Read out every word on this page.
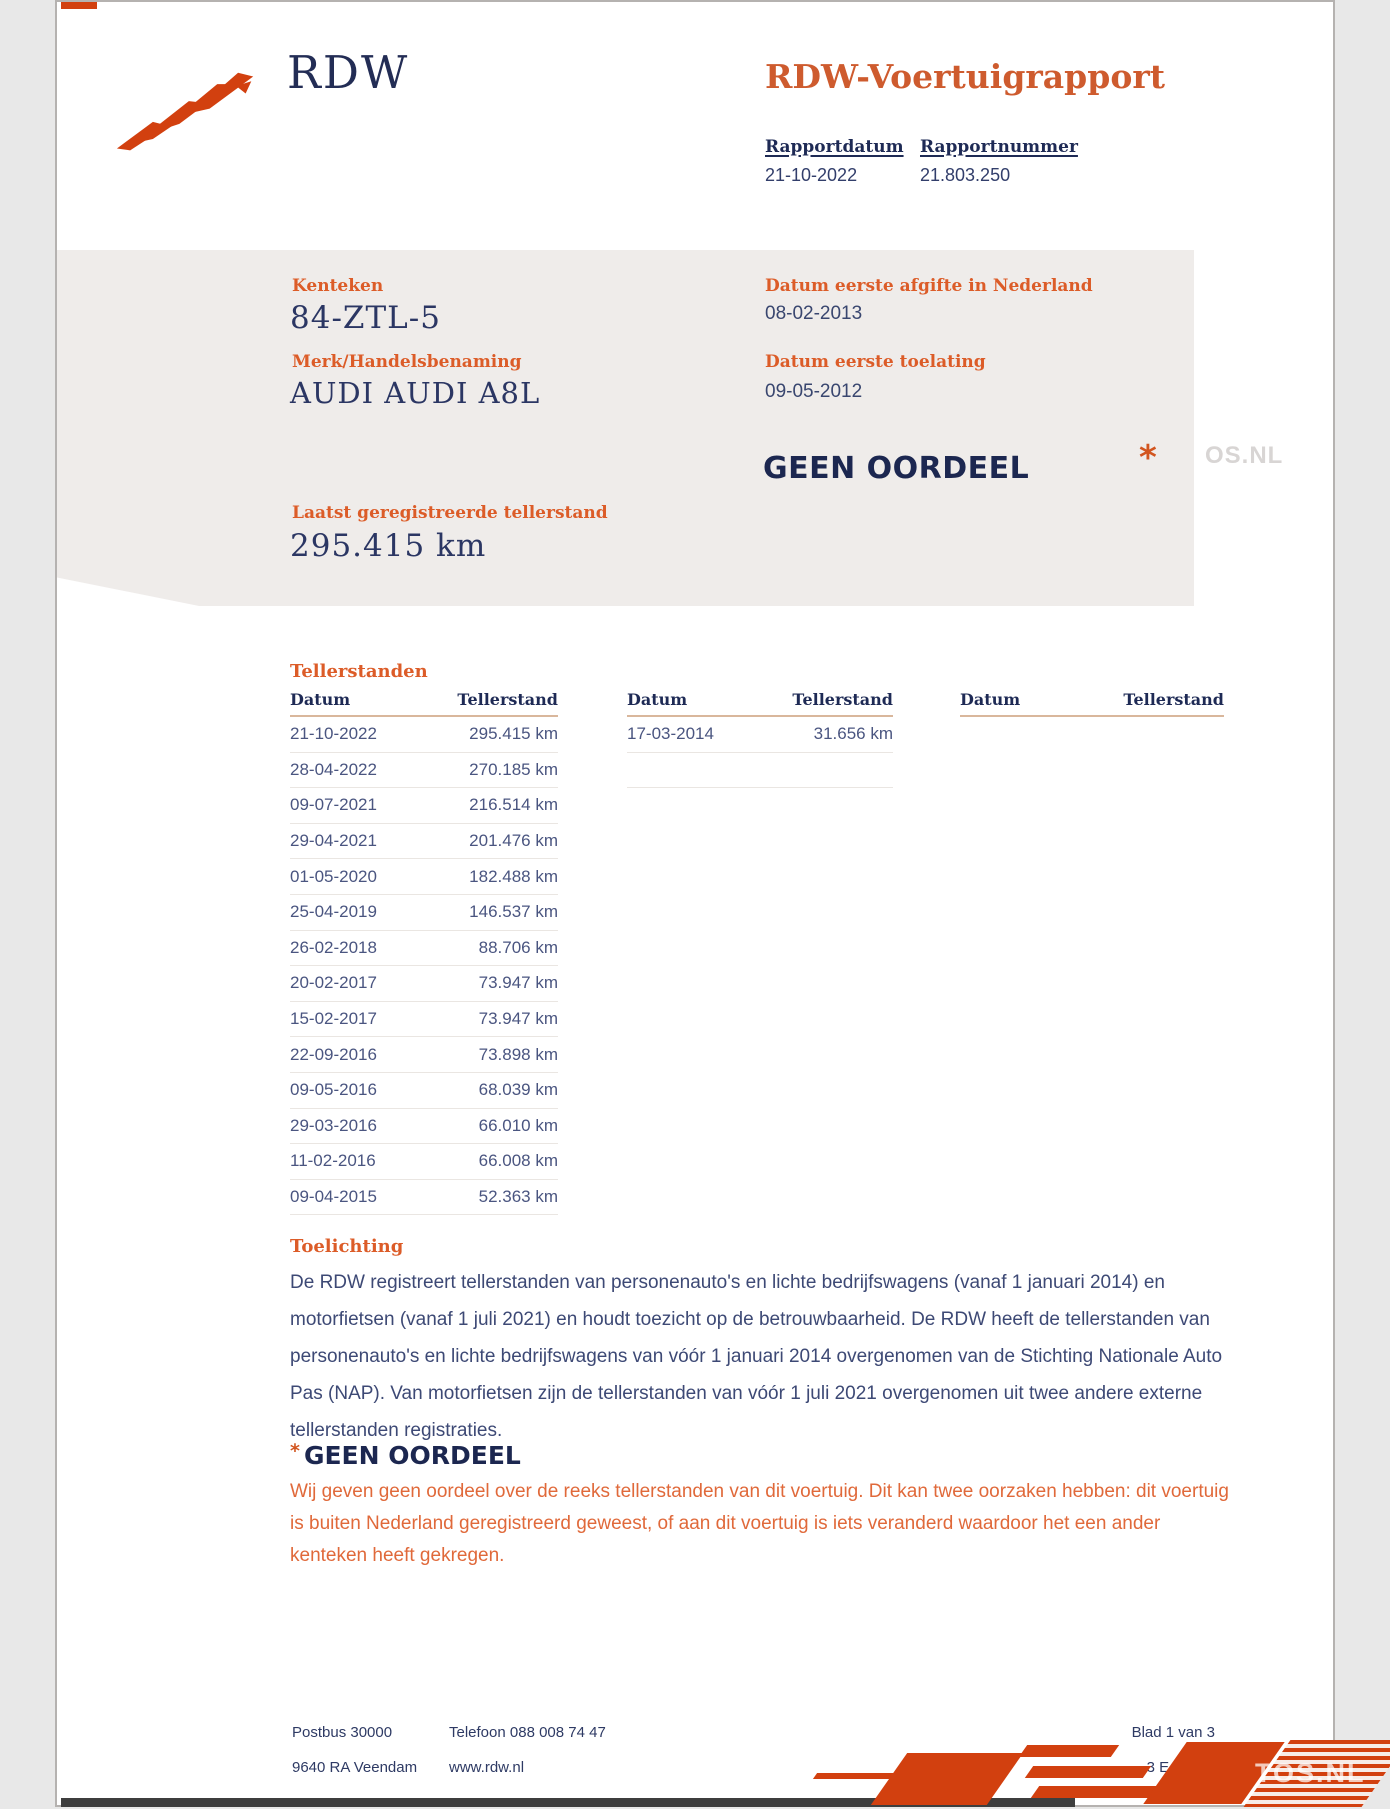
RDW	RDW-Voertuigrapport
Rapportdatum
21-10-2022
Rapportnummer
21.803.250
Kenteken
84-ZTL-5
Merk/Handelsbenaming
AUDI AUDI A8L
Datum eerste afgifte in Nederland
08-02-2013
Datum eerste toelating
09-05-2012
GEEN OORDEEL	*
Laatst geregistreerde tellerstand
295.415 km
OS.NL
Tellerstanden
Datum	Tellerstand
21-10-2022	295.415 km
28-04-2022	270.185 km
09-07-2021	216.514 km
29-04-2021	201.476 km
01-05-2020	182.488 km
25-04-2019	146.537 km
26-02-2018	88.706 km
20-02-2017	73.947 km
15-02-2017	73.947 km
22-09-2016	73.898 km
09-05-2016	68.039 km
29-03-2016	66.010 km
11-02-2016	66.008 km
09-04-2015	52.363 km
Datum	Tellerstand
17-03-2014	31.656 km
Datum	Tellerstand
Toelichting
De RDW registreert tellerstanden van personenauto's en lichte bedrijfswagens (vanaf 1 januari 2014) en motorfietsen (vanaf 1 juli 2021) en houdt toezicht op de betrouwbaarheid. De RDW heeft de tellerstanden van personenauto's en lichte bedrijfswagens van vóór 1 januari 2014 overgenomen van de Stichting Nationale Auto Pas (NAP). Van motorfietsen zijn de tellerstanden van vóór 1 juli 2021 overgenomen uit twee andere externe tellerstanden registraties.
* GEEN OORDEEL
Wij geven geen oordeel over de reeks tellerstanden van dit voertuig. Dit kan twee oorzaken hebben: dit voertuig is buiten Nederland geregistreerd geweest, of aan dit voertuig is iets veranderd waardoor het een ander kenteken heeft gekregen.
Postbus 30000
9640 RA Veendam
Telefoon 088 008 74 47
www.rdw.nl
Blad 1 van 3
TOS.NL
